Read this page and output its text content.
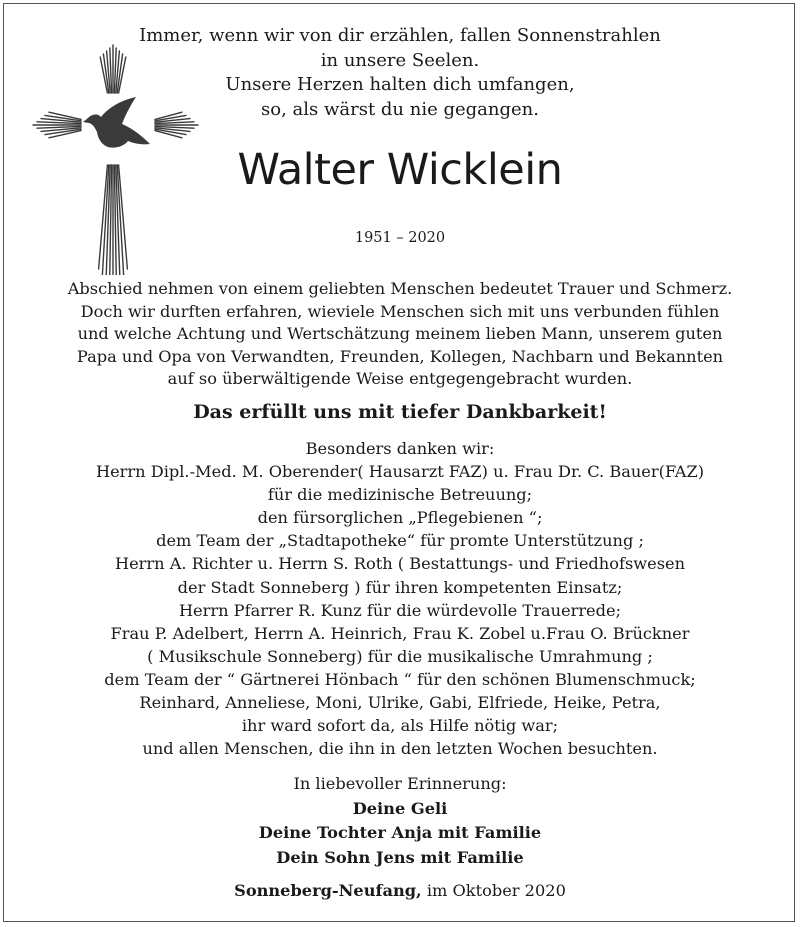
Immer, wenn wir von dir erzählen, fallen Sonnenstrahlen
in unsere Seelen.
Unsere Herzen halten dich umfangen,
so, als wärst du nie gegangen.
Walter Wicklein
1951 – 2020
Abschied nehmen von einem geliebten Menschen bedeutet Trauer und Schmerz.
Doch wir durften erfahren, wieviele Menschen sich mit uns verbunden fühlen
und welche Achtung und Wertschätzung meinem lieben Mann, unserem guten
Papa und Opa von Verwandten, Freunden, Kollegen, Nachbarn und Bekannten
auf so überwältigende Weise entgegengebracht wurden.
Das erfüllt uns mit tiefer Dankbarkeit!
Besonders danken wir:
Herrn Dipl.-Med. M. Oberender( Hausarzt FAZ) u. Frau Dr. C. Bauer(FAZ)
für die medizinische Betreuung;
den fürsorglichen „Pflegebienen “;
dem Team der „Stadtapotheke“ für promte Unterstützung ;
Herrn A. Richter u. Herrn S. Roth ( Bestattungs- und Friedhofswesen
der Stadt Sonneberg ) für ihren kompetenten Einsatz;
Herrn Pfarrer R. Kunz für die würdevolle Trauerrede;
Frau P. Adelbert, Herrn A. Heinrich, Frau K. Zobel u.Frau O. Brückner
( Musikschule Sonneberg) für die musikalische Umrahmung ;
dem Team der “ Gärtnerei Hönbach “ für den schönen Blumenschmuck;
Reinhard, Anneliese, Moni, Ulrike, Gabi, Elfriede, Heike, Petra,
ihr ward sofort da, als Hilfe nötig war;
und allen Menschen, die ihn in den letzten Wochen besuchten.
In liebevoller Erinnerung:
Deine Geli
Deine Tochter Anja mit Familie
Dein Sohn Jens mit Familie
Sonneberg-Neufang, im Oktober 2020
